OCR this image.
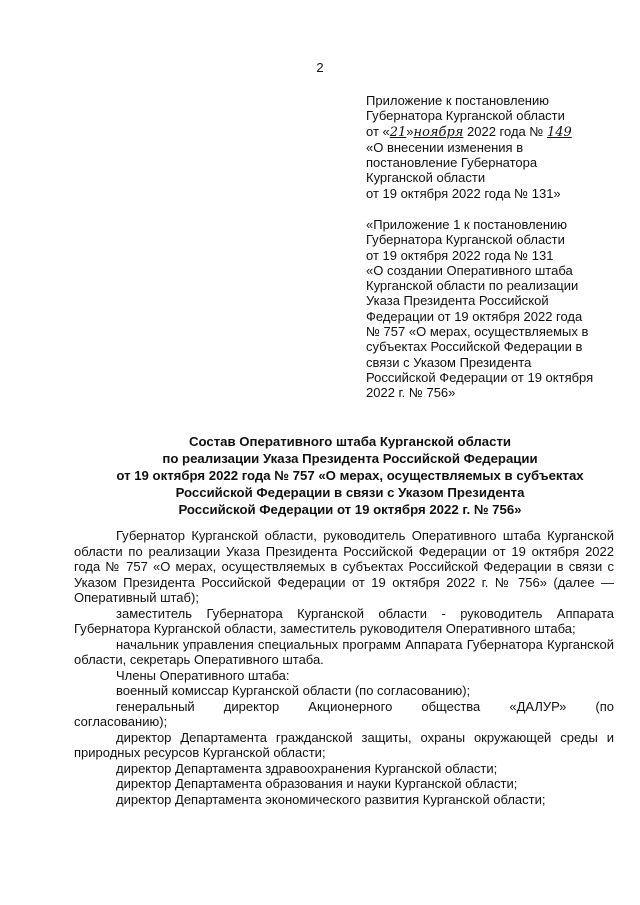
2
Приложение к постановлению
Губернатора Курганской области
от «21»ноября 2022 года № 149
«О внесении изменения в
постановление Губернатора
Курганской области
от 19 октября 2022 года № 131»
«Приложение 1 к постановлению
Губернатора Курганской области
от 19 октября 2022 года № 131
«О создании Оперативного штаба
Курганской области по реализации
Указа Президента Российской
Федерации от 19 октября 2022 года
№ 757 «О мерах, осуществляемых в
субъектах Российской Федерации в
связи с Указом Президента
Российской Федерации от 19 октября
2022 г. № 756»
Состав Оперативного штаба Курганской области
по реализации Указа Президента Российской Федерации
от 19 октября 2022 года № 757 «О мерах, осуществляемых в субъектах
Российской Федерации в связи с Указом Президента
Российской Федерации от 19 октября 2022 г. № 756»
Губернатор Курганской области, руководитель Оперативного штаба Курганской области по реализации Указа Президента Российской Федерации от 19 октября 2022 года № 757 «О мерах, осуществляемых в субъектах Российской Федерации в связи с Указом Президента Российской Федерации от 19 октября 2022 г. № 756» (далее — Оперативный штаб);
заместитель Губернатора Курганской области - руководитель Аппарата Губернатора Курганской области, заместитель руководителя Оперативного штаба;
начальник управления специальных программ Аппарата Губернатора Курганской области, секретарь Оперативного штаба.
Члены Оперативного штаба:
военный комиссар Курганской области (по согласованию);
генеральный директор Акционерного общества «ДАЛУР» (по
согласованию);
директор Департамента гражданской защиты, охраны окружающей среды и природных ресурсов Курганской области;
директор Департамента здравоохранения Курганской области;
директор Департамента образования и науки Курганской области;
директор Департамента экономического развития Курганской области;
